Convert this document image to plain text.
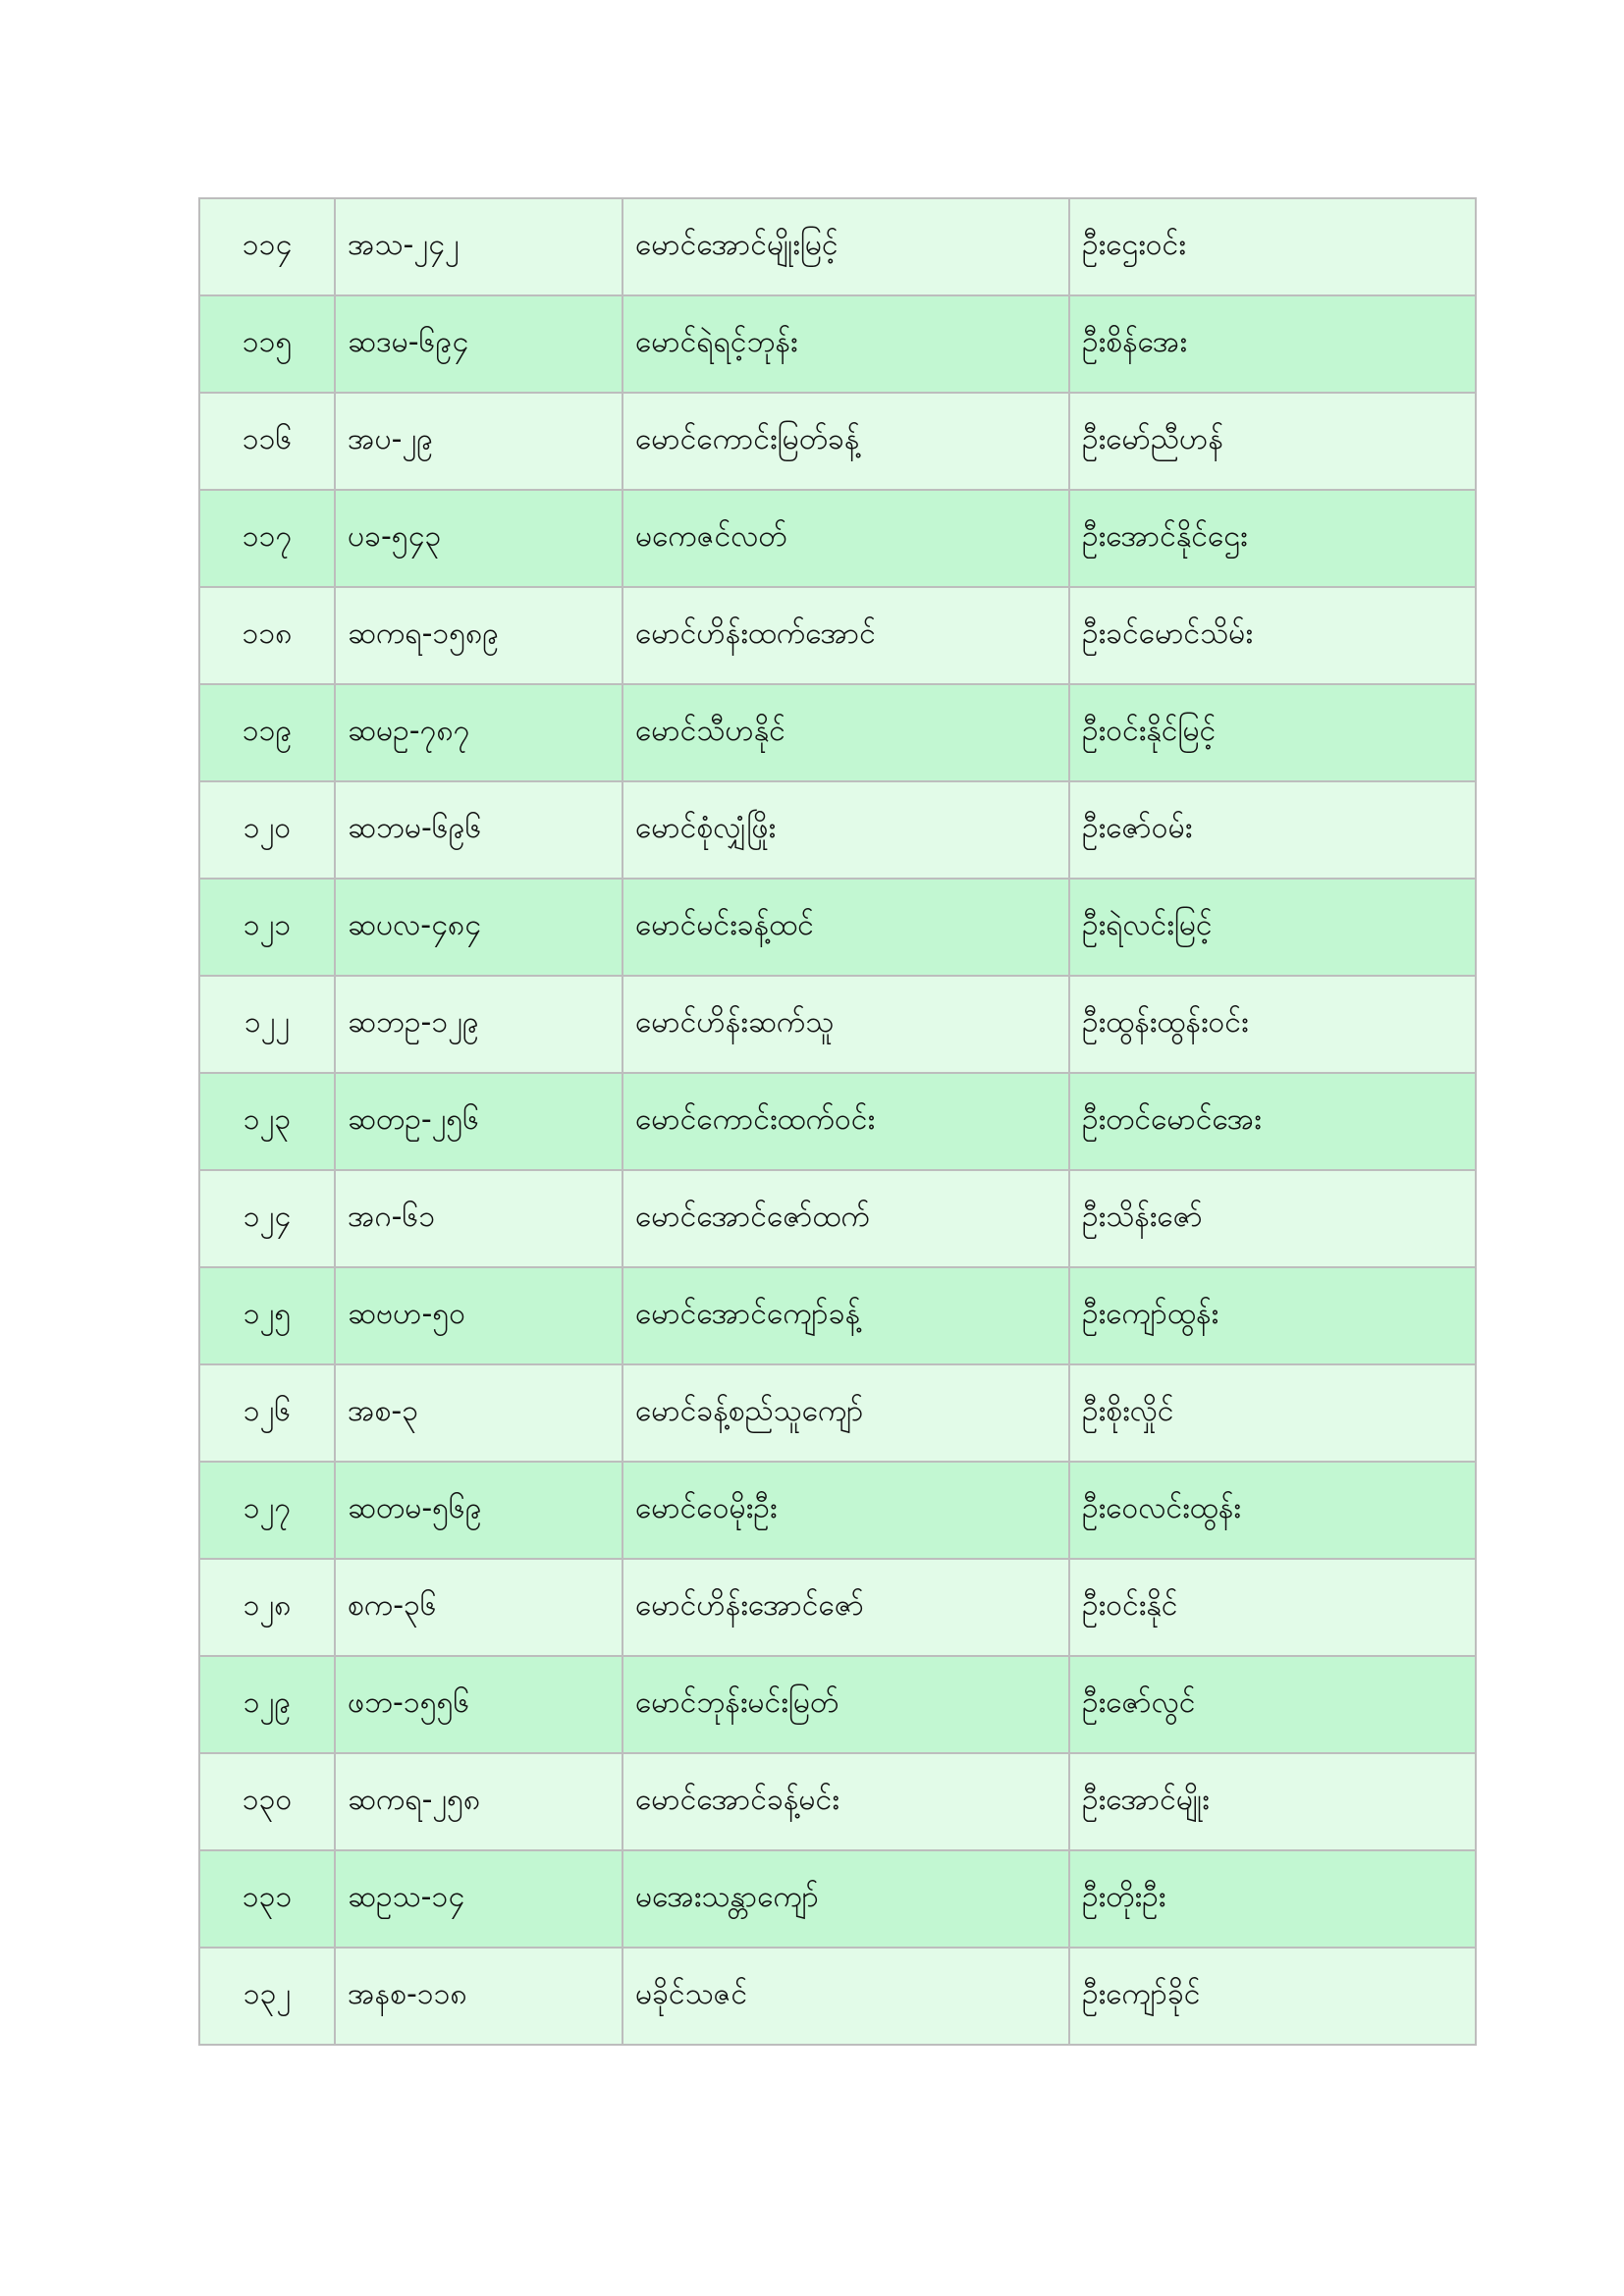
၁၁၄	အသ-၂၄၂	မောင်အောင်မျိုးမြင့်	ဦးဌေးဝင်း
၁၁၅	ဆဒမ-၆၉၄	မောင်ရဲရင့်ဘုန်း	ဦးစိန်အေး
၁၁၆	အပ-၂၉	မောင်ကောင်းမြတ်ခန့်	ဦးမော်ညီဟန်
၁၁၇	ပခ-၅၄၃	မကေဇင်လတ်	ဦးအောင်နိုင်ဌေး
၁၁၈	ဆကရ-၁၅၈၉	မောင်ဟိန်းထက်အောင်	ဦးခင်မောင်သိမ်း
၁၁၉	ဆမဥ-၇၈၇	မောင်သီဟနိုင်	ဦးဝင်းနိုင်မြင့်
၁၂၀	ဆဘမ-၆၉၆	မောင်စုံလျှံဖြိုး	ဦးဇော်ဝမ်း
၁၂၁	ဆပလ-၄၈၄	မောင်မင်းခန့်ထင်	ဦးရဲလင်းမြင့်
၁၂၂	ဆဘဥ-၁၂၉	မောင်ဟိန်းဆက်သူ	ဦးထွန်းထွန်းဝင်း
၁၂၃	ဆတဥ-၂၅၆	မောင်ကောင်းထက်ဝင်း	ဦးတင်မောင်အေး
၁၂၄	အဂ-၆၁	မောင်အောင်ဇော်ထက်	ဦးသိန်းဇော်
၁၂၅	ဆဗဟ-၅၀	မောင်အောင်ကျော်ခန့်	ဦးကျော်ထွန်း
၁၂၆	အစ-၃	မောင်ခန့်စည်သူကျော်	ဦးစိုးလှိုင်
၁၂၇	ဆတမ-၅၆၉	မောင်ဝေမိုးဦး	ဦးဝေလင်းထွန်း
၁၂၈	စက-၃၆	မောင်ဟိန်းအောင်ဇော်	ဦးဝင်းနိုင်
၁၂၉	ဖဘ-၁၅၅၆	မောင်ဘုန်းမင်းမြတ်	ဦးဇော်လွင်
၁၃၀	ဆကရ-၂၅၈	မောင်အောင်ခန့်မင်း	ဦးအောင်မျိုး
၁၃၁	ဆဥသ-၁၄	မအေးသန္တာကျော်	ဦးတိုးဦး
၁၃၂	အနစ-၁၁၈	မခိုင်သဇင်	ဦးကျော်ခိုင်
